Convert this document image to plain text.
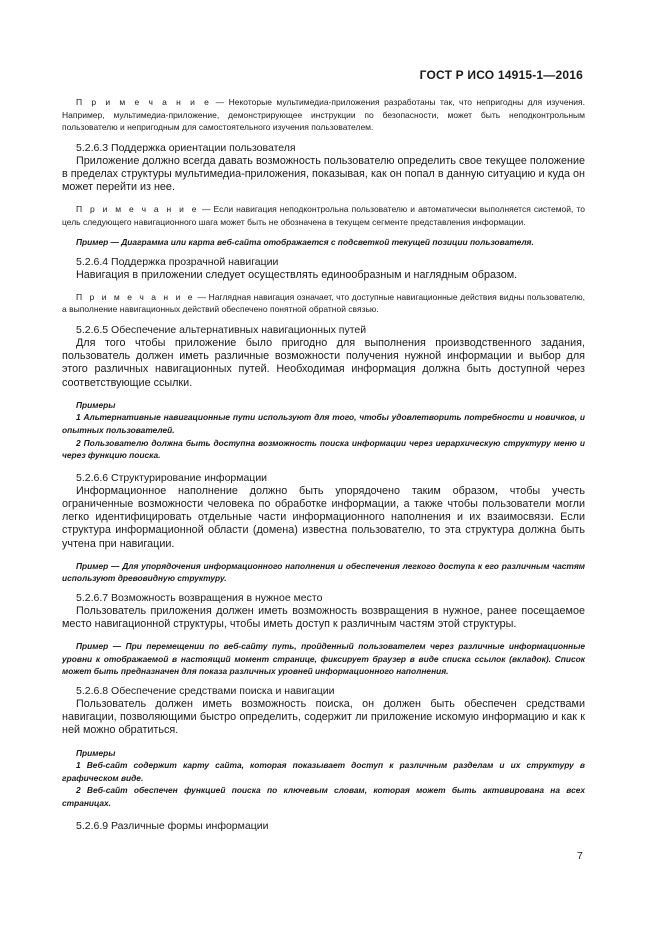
ГОСТ Р ИСО 14915-1—2016

П р и м е ч а н и е — Некоторые мультимедиа-приложения разработаны так, что непригодны для изучения. Например, мультимедиа-приложение, демонстрирующее инструкции по безопасности, может быть неподконтрольным пользователю и непригодным для самостоятельного изучения пользователем.

5.2.6.3 Поддержка ориентации пользователя

Приложение должно всегда давать возможность пользователю определить свое текущее положение в пределах структуры мультимедиа-приложения, показывая, как он попал в данную ситуацию и куда он может перейти из нее.

П р и м е ч а н и е — Если навигация неподконтрольна пользователю и автоматически выполняется системой, то цель следующего навигационного шага может быть не обозначена в текущем сегменте представления информации.

Пример — Диаграмма или карта веб-сайта отображается с подсветкой текущей позиции пользователя.

5.2.6.4 Поддержка прозрачной навигации

Навигация в приложении следует осуществлять единообразным и наглядным образом.

П р и м е ч а н и е — Наглядная навигация означает, что доступные навигационные действия видны пользователю, а выполнение навигационных действий обеспечено понятной обратной связью.

5.2.6.5 Обеспечение альтернативных навигационных путей

Для того чтобы приложение было пригодно для выполнения производственного задания, пользователь должен иметь различные возможности получения нужной информации и выбор для этого различных навигационных путей. Необходимая информация должна быть доступной через соответствующие ссылки.

Примеры

1 Альтернативные навигационные пути используют для того, чтобы удовлетворить потребности и новичков, и опытных пользователей.

2 Пользователю должна быть доступна возможность поиска информации через иерархическую структуру меню и через функцию поиска.

5.2.6.6 Структурирование информации

Информационное наполнение должно быть упорядочено таким образом, чтобы учесть ограниченные возможности человека по обработке информации, а также чтобы пользователи могли легко идентифицировать отдельные части информационного наполнения и их взаимосвязи. Если структура информационной области (домена) известна пользователю, то эта структура должна быть учтена при навигации.

Пример — Для упорядочения информационного наполнения и обеспечения легкого доступа к его различным частям используют древовидную структуру.

5.2.6.7 Возможность возвращения в нужное место

Пользователь приложения должен иметь возможность возвращения в нужное, ранее посещаемое место навигационной структуры, чтобы иметь доступ к различным частям этой структуры.

Пример — При перемещении по веб-сайту путь, пройденный пользователем через различные информационные уровни к отображаемой в настоящий момент странице, фиксирует браузер в виде списка ссылок (вкладок). Список может быть предназначен для показа различных уровней информационного наполнения.

5.2.6.8 Обеспечение средствами поиска и навигации

Пользователь должен иметь возможность поиска, он должен быть обеспечен средствами навигации, позволяющими быстро определить, содержит ли приложение искомую информацию и как к ней можно обратиться.

Примеры

1 Веб-сайт содержит карту сайта, которая показывает доступ к различным разделам и их структуру в графическом виде.

2 Веб-сайт обеспечен функцией поиска по ключевым словам, которая может быть активирована на всех страницах.

5.2.6.9 Различные формы информации

7
